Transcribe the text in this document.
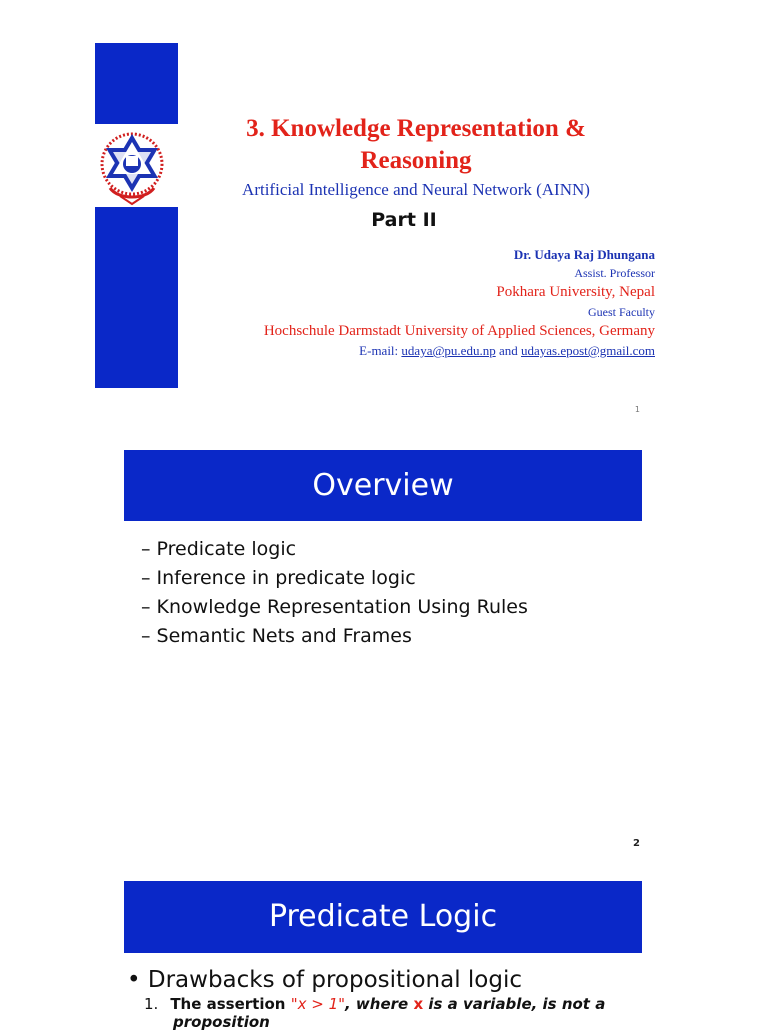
3. Knowledge Representation &
Reasoning
Artificial Intelligence and Neural Network (AINN)
Part II
Dr. Udaya Raj Dhungana
Assist. Professor
Pokhara University, Nepal
Guest Faculty
Hochschule Darmstadt University of Applied Sciences, Germany
E-mail: udaya@pu.edu.np and udayas.epost@gmail.com
1
Overview
– Predicate logic
– Inference in predicate logic
– Knowledge Representation Using Rules
– Semantic Nets and Frames
2
Predicate Logic
• Drawbacks of propositional logic
1. The assertion "x > 1", where x is a variable, is not a
proposition
